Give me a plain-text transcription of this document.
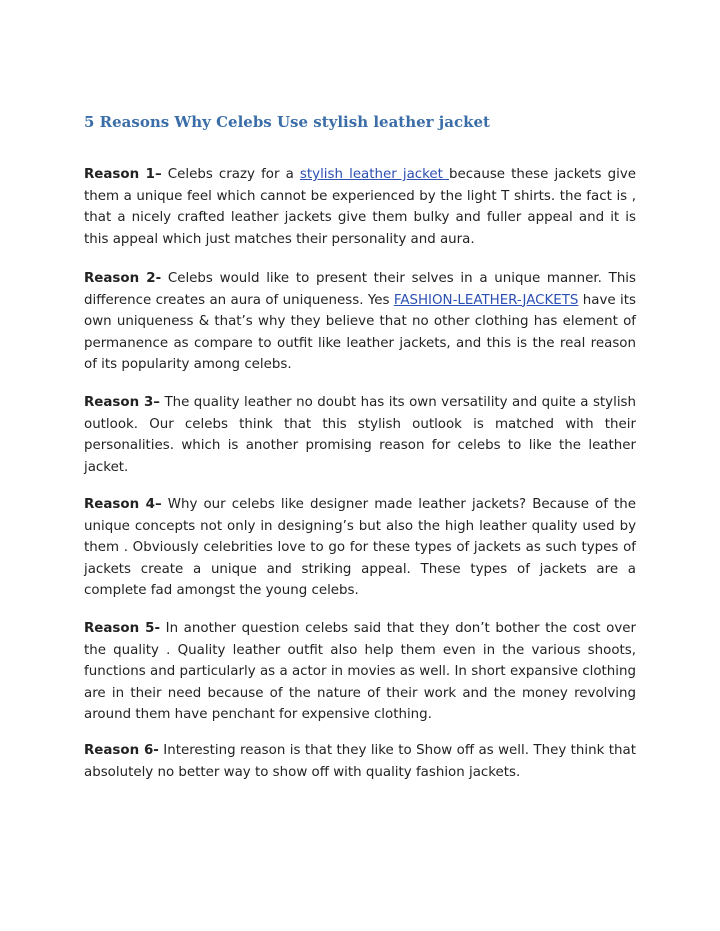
5 Reasons Why Celebs Use stylish leather jacket

Reason 1– Celebs crazy for a stylish leather jacket because these jackets give them a unique feel which cannot be experienced by the light T shirts. the fact is , that a nicely crafted leather jackets give them bulky and fuller appeal and it is this appeal which just matches their personality and aura.

Reason 2- Celebs would like to present their selves in a unique manner. This difference creates an aura of uniqueness. Yes FASHION-LEATHER-JACKETS have its own uniqueness & that’s why they believe that no other clothing has element of permanence as compare to outfit like leather jackets, and this is the real reason of its popularity among celebs.

Reason 3– The quality leather no doubt has its own versatility and quite a stylish outlook. Our celebs think that this stylish outlook is matched with their personalities. which is another promising reason for celebs to like the leather jacket.

Reason 4– Why our celebs like designer made leather jackets? Because of the unique concepts not only in designing’s but also the high leather quality used by them . Obviously celebrities love to go for these types of jackets as such types of jackets create a unique and striking appeal. These types of jackets are a complete fad amongst the young celebs.

Reason 5- In another question celebs said that they don’t bother the cost over the quality . Quality leather outfit also help them even in the various shoots, functions and particularly as a actor in movies as well. In short expansive clothing are in their need because of the nature of their work and the money revolving around them have penchant for expensive clothing.

Reason 6- Interesting reason is that they like to Show off as well. They think that absolutely no better way to show off with quality fashion jackets.
